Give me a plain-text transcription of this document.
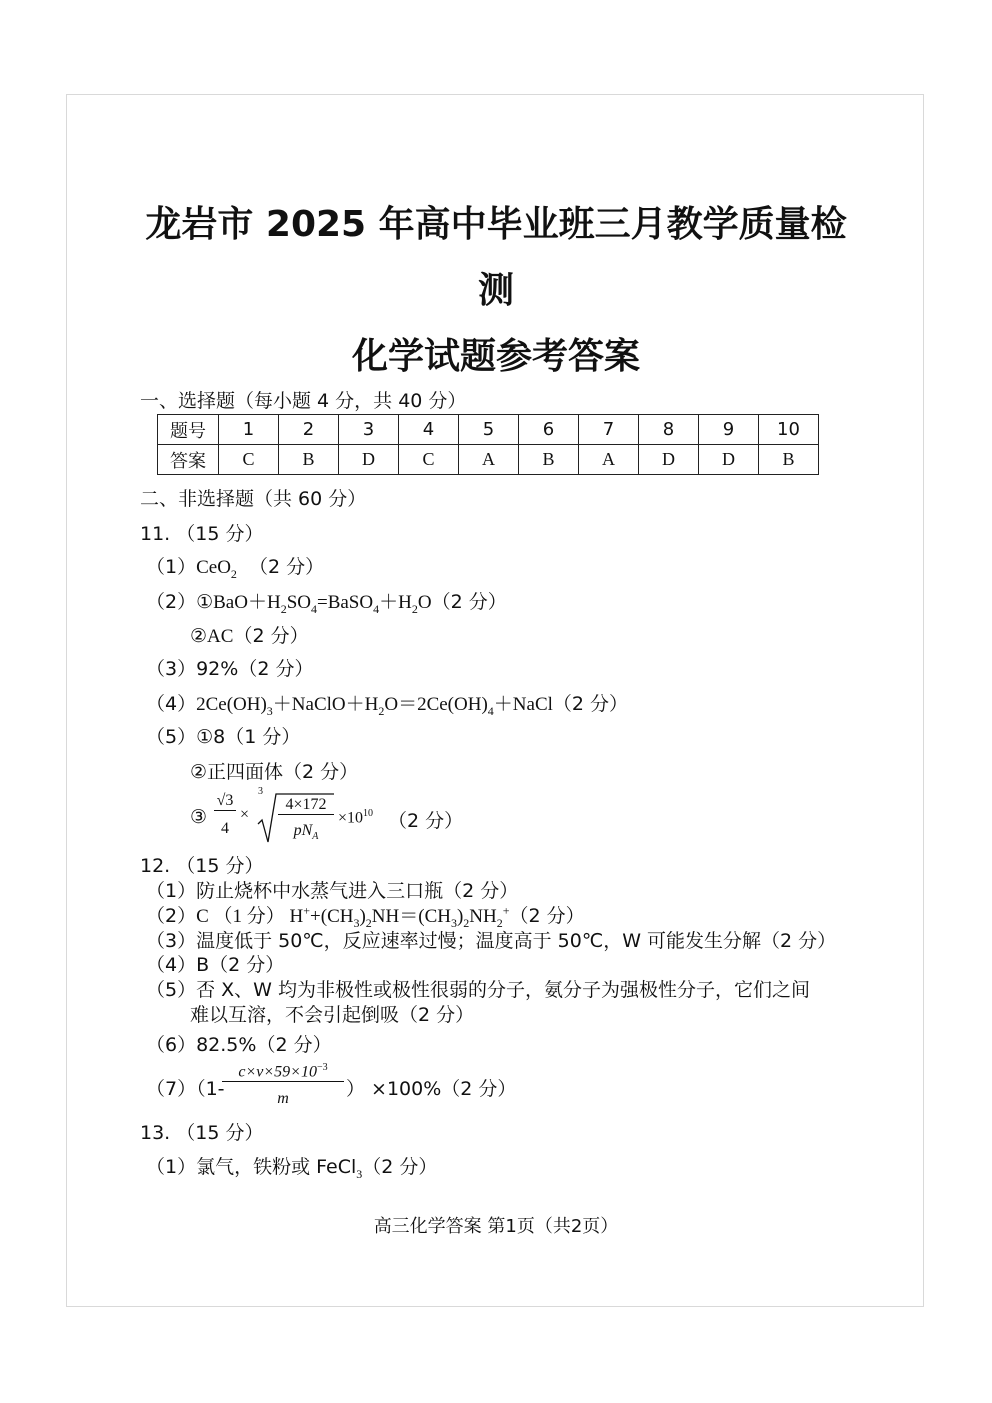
龙岩市 2025 年高中毕业班三月教学质量检
测
化学试题参考答案
一、选择题（每小题 4 分，共 40 分）
题号	1	2	3	4	5	6	7	8	9	10
答案	C	B	D	C	A	B	A	D	D	B
二、非选择题（共 60 分）
11. （15 分）
（1）CeO$_2$ （2 分）
$(2)①BaO+H_2SO_4=BaSO_4+H_2O(2$ 分）
②AC（2 分）
（3）92%（2 分）
$(4)2Ce(OH)_3+NaClO+H_2O=2Ce(OH)_4+NaCl(2$ 分）
（5）①8（1 分）
②正四面体（2 分）
③
√3
4
×
3
4×172
$pN_A$
$\times 10^{10}$ （2 分）
12. （15 分）
（1）防止烧杯中水蒸气进入三口瓶（2 分）
（2）C （1 分） $H^++(CH_3)_2NH=(CH_3)_2NH_2^+(2$ 分）
（3）温度低于 50℃，反应速率过慢；温度高于 50℃，W 可能发生分解（2 分）
（4）B（2 分）
（5）否 X、W 均为非极性或极性很弱的分子，氨分子为强极性分子，它们之间
难以互溶，不会引起倒吸（2 分）
（6）82.5%（2 分）
（7）（1-
$c\times v\times 59\times 10^{-3}$
m	） ×100%（2 分）
13. （15 分）
（1）氯气，铁粉或 FeCl$_3$（2 分）
高三化学答案 第1页（共2页）
